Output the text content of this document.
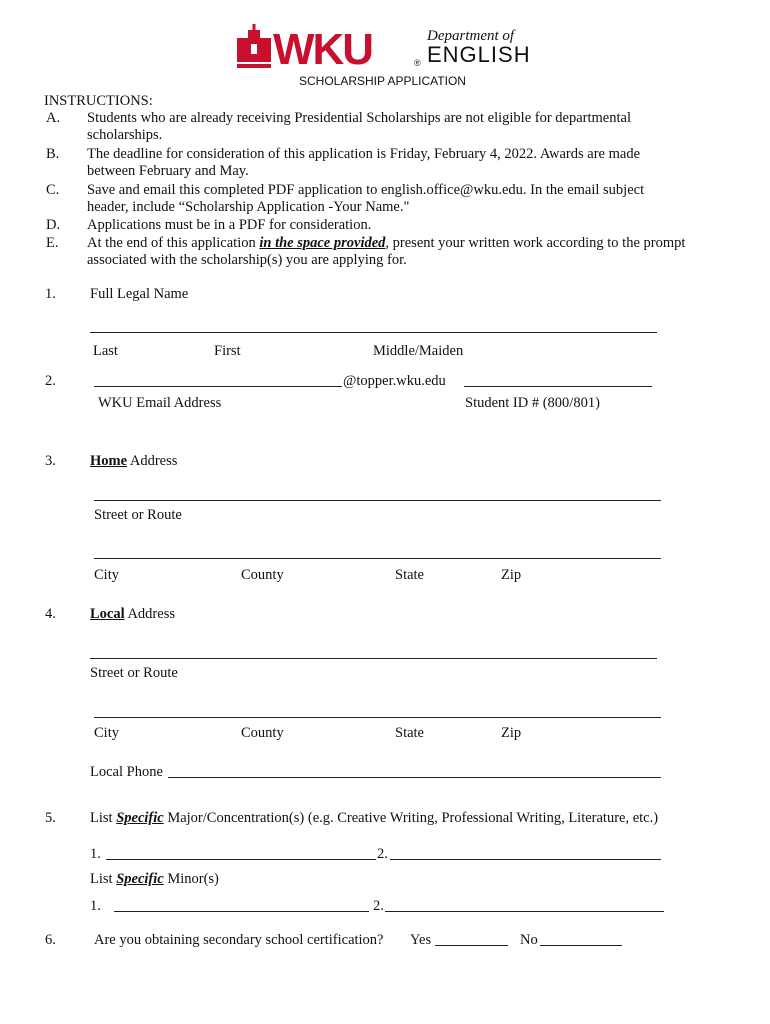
WKU	®
Department of
ENGLISH
SCHOLARSHIP APPLICATION
INSTRUCTIONS:
A. Students who are already receiving Presidential Scholarships are not eligible for departmental scholarships.
B. The deadline for consideration of this application is Friday, February 4, 2022. Awards are made between February and May.
C. Save and email this completed PDF application to english.office@wku.edu. In the email subject header, include “Scholarship Application -Your Name."
D. Applications must be in a PDF for consideration.
E. At the end of this application in the space provided, present your written work according to the prompt associated with the scholarship(s) you are applying for.
1. Full Legal Name
Last	First	Middle/Maiden
2.	@topper.wku.edu
WKU Email Address	Student ID # (800/801)
3. Home Address
Street or Route
City	County	State	Zip
4. Local Address
Street or Route
City	County	State	Zip
Local Phone
5. List Specific Major/Concentration(s) (e.g. Creative Writing, Professional Writing, Literature, etc.)
1.	2.
List Specific Minor(s)
1.	2.
6.	Are you obtaining secondary school certification? Yes	No
